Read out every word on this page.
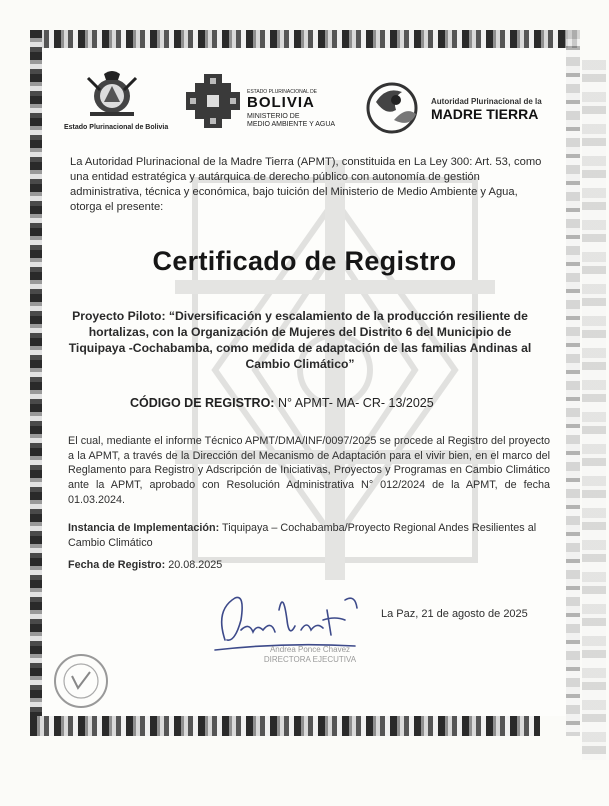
Estado Plurinacional de Bolivia
ESTADO PLURINACIONAL DE
BOLIVIA
MINISTERIO DE
MEDIO AMBIENTE Y AGUA
Autoridad Plurinacional de la
MADRE TIERRA
La Autoridad Plurinacional de la Madre Tierra (APMT), constituida en La Ley 300: Art. 53, como una entidad estratégica y autárquica de derecho público con autonomía de gestión administrativa, técnica y económica, bajo tuición del Ministerio de Medio Ambiente y Agua, otorga el presente:
Certificado de Registro
Proyecto Piloto: “Diversificación y escalamiento de la producción resiliente de hortalizas, con la Organización de Mujeres del Distrito 6 del Municipio de Tiquipaya -Cochabamba, como medida de adaptación de las familias Andinas al Cambio Climático”
CÓDIGO DE REGISTRO: N° APMT- MA- CR- 13/2025
El cual, mediante el informe Técnico APMT/DMA/INF/0097/2025 se procede al Registro del proyecto a la APMT, a través de la Dirección del Mecanismo de Adaptación para el vivir bien, en el marco del Reglamento para Registro y Adscripción de Iniciativas, Proyectos y Programas en Cambio Climático ante la APMT, aprobado con Resolución Administrativa N° 012/2024 de la APMT, de fecha 01.03.2024.
Instancia de Implementación: Tiquipaya – Cochabamba/Proyecto Regional Andes Resilientes al Cambio Climático
Fecha de Registro: 20.08.2025
La Paz, 21 de agosto de 2025
Andrea Ponce Chavez
DIRECTORA EJECUTIVA
